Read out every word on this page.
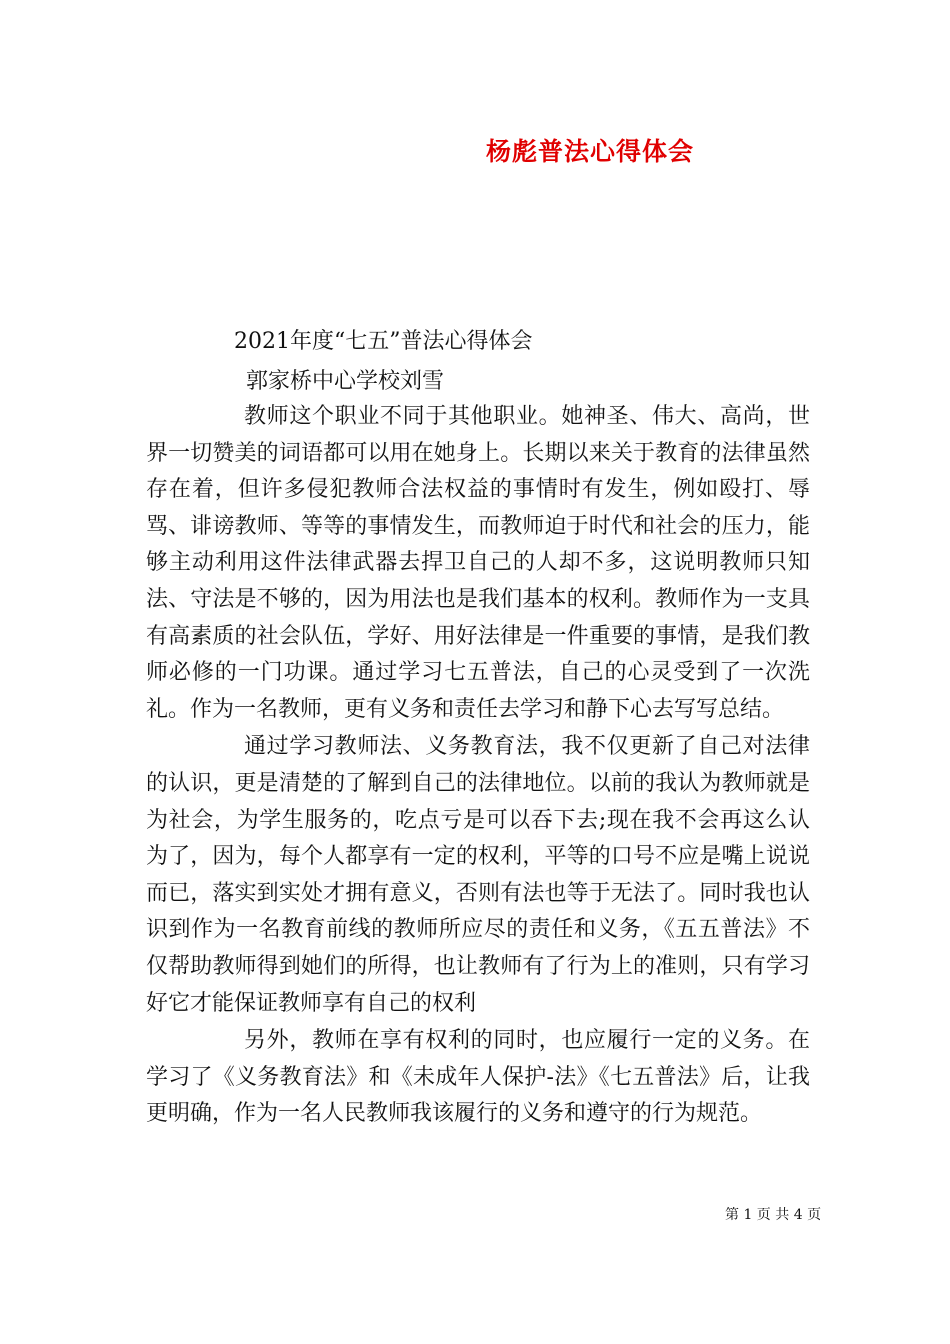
杨彪普法心得体会
2021年度“七五”普法心得体会
郭家桥中心学校刘雪

教师这个职业不同于其他职业。她神圣、伟大、高尚，世界一切赞美的词语都可以用在她身上。长期以来关于教育的法律虽然存在着，但许多侵犯教师合法权益的事情时有发生，例如殴打、辱骂、诽谤教师、等等的事情发生，而教师迫于时代和社会的压力，能够主动利用这件法律武器去捍卫自己的人却不多，这说明教师只知法、守法是不够的，因为用法也是我们基本的权利。教师作为一支具有高素质的社会队伍，学好、用好法律是一件重要的事情，是我们教师必修的一门功课。通过学习七五普法，自己的心灵受到了一次洗礼。作为一名教师，更有义务和责任去学习和静下心去写写总结。

通过学习教师法、义务教育法，我不仅更新了自己对法律的认识，更是清楚的了解到自己的法律地位。以前的我认为教师就是为社会，为学生服务的，吃点亏是可以吞下去;现在我不会再这么认为了，因为，每个人都享有一定的权利，平等的口号不应是嘴上说说而已，落实到实处才拥有意义，否则有法也等于无法了。同时我也认识到作为一名教育前线的教师所应尽的责任和义务，《五五普法》不仅帮助教师得到她们的所得，也让教师有了行为上的准则，只有学习好它才能保证教师享有自己的权利

另外，教师在享有权利的同时，也应履行一定的义务。在学习了《义务教育法》和《未成年人保护-法》《七五普法》后，让我更明确，作为一名人民教师我该履行的义务和遵守的行为规范。

第 1 页 共 4 页
